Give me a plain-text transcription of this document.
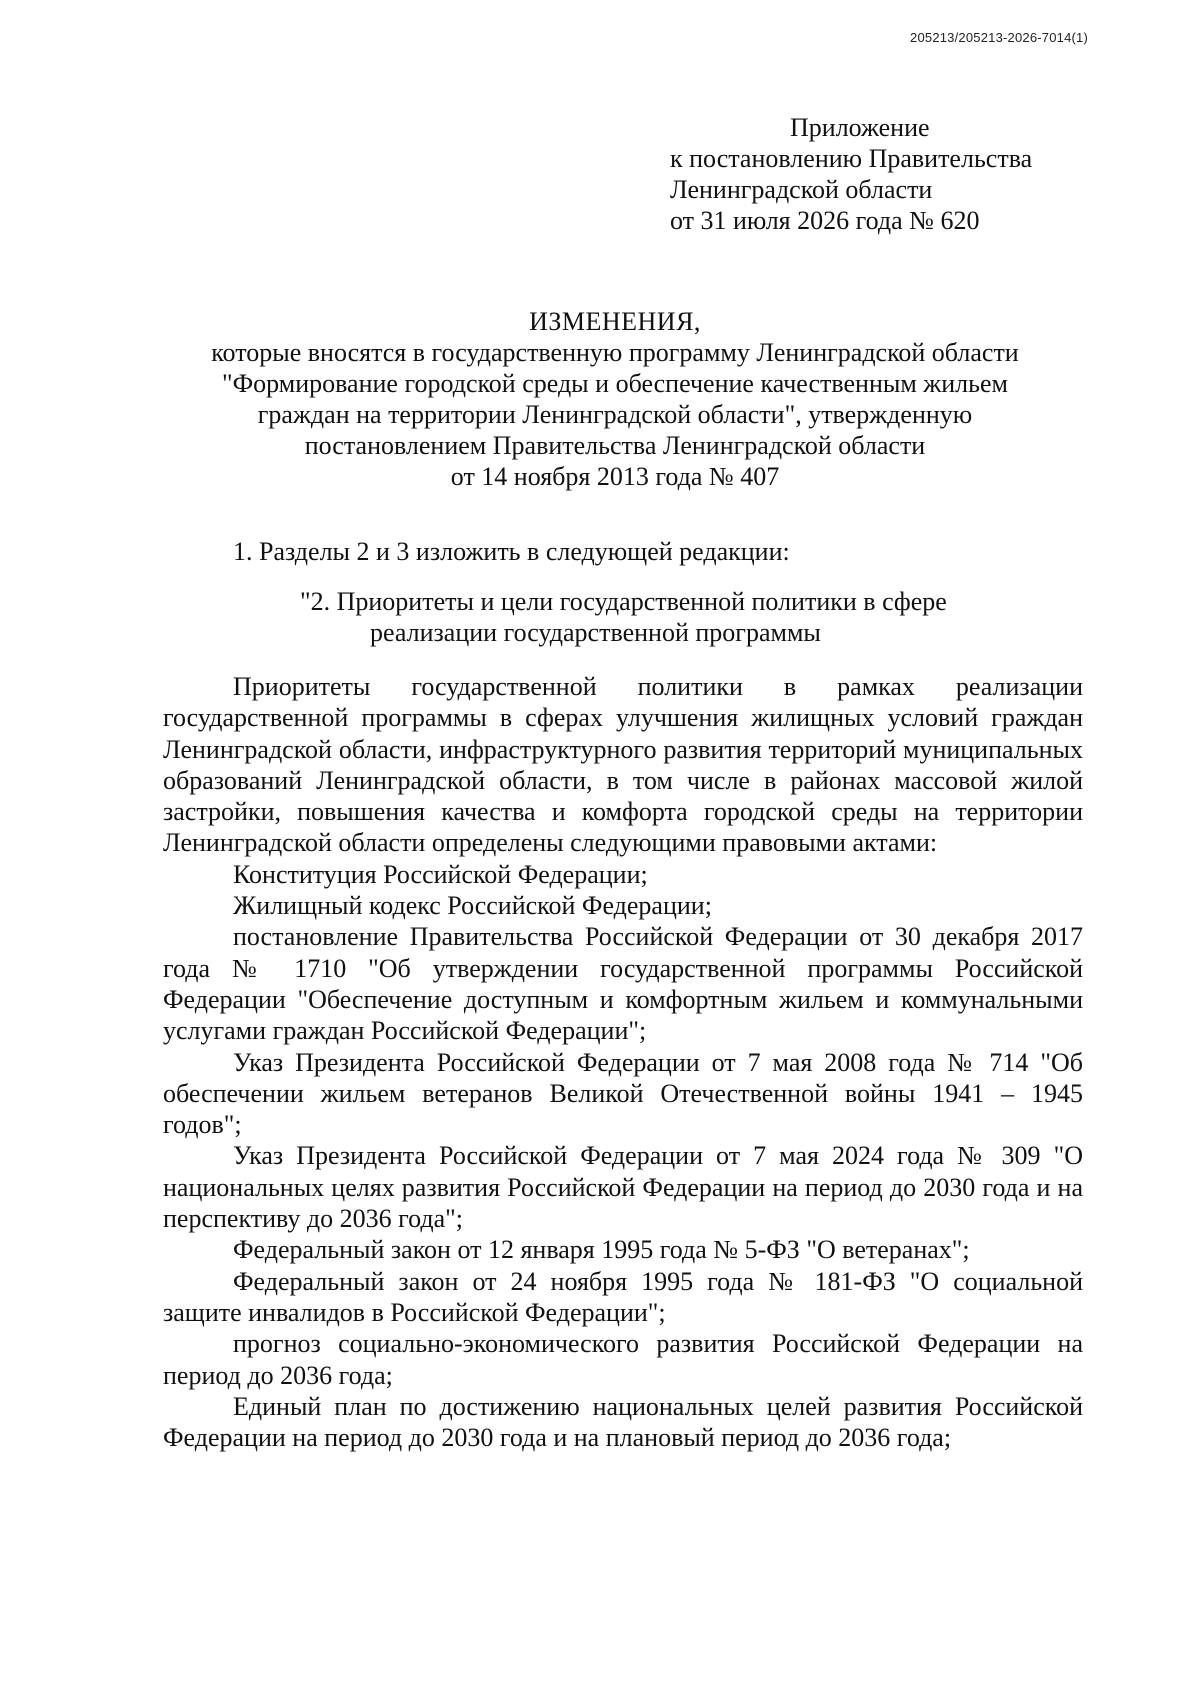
205213/205213-2026-7014(1)
Приложение
к постановлению Правительства
Ленинградской области
от 31 июля 2026 года № 620
ИЗМЕНЕНИЯ,
которые вносятся в государственную программу Ленинградской области
"Формирование городской среды и обеспечение качественным жильем
граждан на территории Ленинградской области", утвержденную
постановлением Правительства Ленинградской области
от 14 ноября 2013 года № 407
1. Разделы 2 и 3 изложить в следующей редакции:
"2. Приоритеты и цели государственной политики в сфере
реализации государственной программы

Приоритеты государственной политики в рамках реализации государственной программы в сферах улучшения жилищных условий граждан Ленинградской области, инфраструктурного развития территорий муниципальных образований Ленинградской области, в том числе в районах массовой жилой застройки, повышения качества и комфорта городской среды на территории Ленинградской области определены следующими правовыми актами:

Конституция Российской Федерации;

Жилищный кодекс Российской Федерации;

постановление Правительства Российской Федерации от 30 декабря 2017 года № 1710 "Об утверждении государственной программы Российской Федерации "Обеспечение доступным и комфортным жильем и коммунальными услугами граждан Российской Федерации";

Указ Президента Российской Федерации от 7 мая 2008 года № 714 "Об обеспечении жильем ветеранов Великой Отечественной войны 1941 – 1945 годов";

Указ Президента Российской Федерации от 7 мая 2024 года № 309 "О национальных целях развития Российской Федерации на период до 2030 года и на перспективу до 2036 года";

Федеральный закон от 12 января 1995 года № 5-ФЗ "О ветеранах";

Федеральный закон от 24 ноября 1995 года № 181-ФЗ "О социальной защите инвалидов в Российской Федерации";

прогноз социально-экономического развития Российской Федерации на период до 2036 года;

Единый план по достижению национальных целей развития Российской Федерации на период до 2030 года и на плановый период до 2036 года;
